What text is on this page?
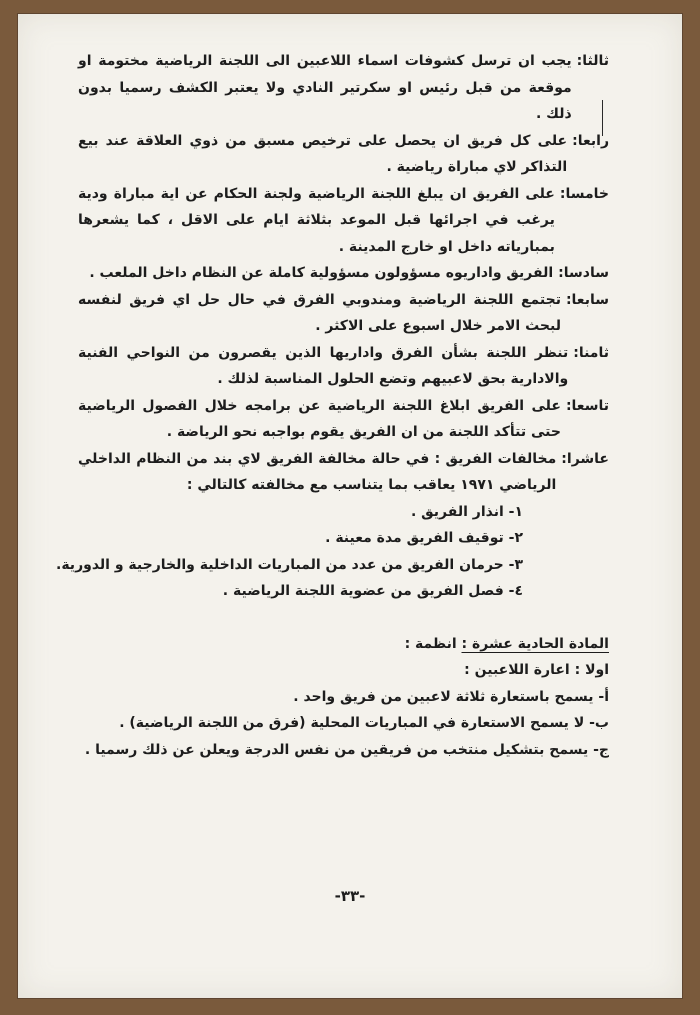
ثالثا:
يجب ان ترسل كشوفات اسماء اللاعبين الى اللجنة الرياضية مختومة او موقعة من قبل رئيس او سكرتير النادي ولا يعتبر الكشف رسميا بدون ذلك .
رابعا:
على كل فريق ان يحصل على ترخيص مسبق من ذوي العلاقة عند بيع التذاكر لاي مباراة رياضية .
خامسا:
على الفريق ان يبلغ اللجنة الرياضية ولجنة الحكام عن اية مباراة ودية يرغب في اجرائها قبل الموعد بثلاثة ايام على الاقل ، كما يشعرها بمبارياته داخل او خارج المدينة .
سادسا:
الفريق واداريوه مسؤولون مسؤولية كاملة عن النظام داخل الملعب .
سابعا:
تجتمع اللجنة الرياضية ومندوبي الفرق في حال حل اي فريق لنفسه لبحث الامر خلال اسبوع على الاكثر .
ثامنا:
تنظر اللجنة بشأن الفرق واداريها الذين يقصرون من النواحي الفنية والادارية بحق لاعبيهم وتضع الحلول المناسبة لذلك .
تاسعا:
على الفريق ابلاغ اللجنة الرياضية عن برامجه خلال الفصول الرياضية حتى تتأكد اللجنة من ان الفريق يقوم بواجبه نحو الرياضة .
عاشرا:
مخالفات الفريق : في حالة مخالفة الفريق لاي بند من النظام الداخلي الرياضي ١٩٧١ يعاقب بما يتناسب مع مخالفته كالتالي :
١- انذار الفريق .
٢- توقيف الفريق مدة معينة .
٣- حرمان الفريق من عدد من المباريات الداخلية والخارجية و الدورية.
٤- فصل الفريق من عضوية اللجنة الرياضية .
المادة الحادية عشرة : انظمة :
اولا : اعارة اللاعبين :
أ- يسمح باستعارة ثلاثة لاعبين من فريق واحد .
ب- لا يسمح الاستعارة في المباريات المحلية (فرق من اللجنة الرياضية) .
ج- يسمح بتشكيل منتخب من فريقين من نفس الدرجة ويعلن عن ذلك رسميا .
-٣٣-
